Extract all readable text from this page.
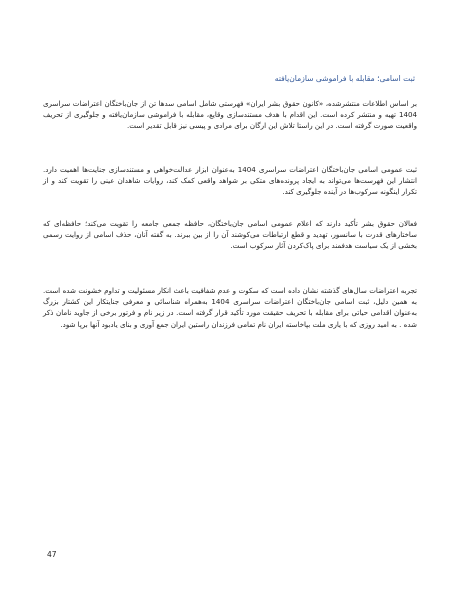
ثبت اسامی؛ مقابله با فراموشی سازمان‌یافته
بر اساس اطلاعات منتشرشده، «کانون حقوق بشر ایران» فهرستی شامل اسامی سدها تن از جان‌باختگان اعتراضات سراسری 1404 تهیه و منتشر کرده است. این اقدام با هدف مستندسازی وقایع، مقابله با فراموشی سازمان‌یافته و جلوگیری از تحریف واقعیت صورت گرفته است. در این راستا تلاش این ارگان برای مرادی و پیسی نیز قابل تقدیر است.
ثبت عمومی اسامی جان‌باختگان اعتراضات سراسری 1404 به‌عنوان ابزار عدالت‌خواهی و مستندسازی جنایت‌ها اهمیت دارد. انتشار این فهرست‌ها می‌تواند به ایجاد پرونده‌های متکی بر شواهد واقعی کمک کند، روایات شاهدان عینی را تقویت کند و از تکرار اینگونه سرکوب‌ها در آینده جلوگیری کند.
فعالان حقوق بشر تأکید دارند که اعلام عمومی اسامی جان‌باختگان، حافظه جمعی جامعه را تقویت می‌کند؛ حافظه‌ای که ساختارهای قدرت با سانسور، تهدید و قطع ارتباطات می‌کوشند آن را از بین ببرند. به گفته آنان، حذف اسامی از روایت رسمی بخشی از یک سیاست هدفمند برای پاک‌کردن آثار سرکوب است.
تجربه اعتراضات سال‌های گذشته نشان داده است که سکوت و عدم شفافیت باعث انکار مسئولیت و تداوم خشونت شده است. به همین دلیل، ثبت اسامی جان‌باختگان اعتراضات سراسری 1404 به‌همراه شناسائی و معرفی جنایتکار این کشتار بزرگ به‌عنوان اقدامی حیاتی برای مقابله با تحریف حقیقت مورد تأکید قرار گرفته است. در زیر نام و فرتور برخی از جاوید نامان ذکر شده . به امید روزی که با یاری ملت بپاخاسته ایران نام تمامی فرزندان راستین ایران جمع آوری و بنای یادبود آنها برپا شود.
47
